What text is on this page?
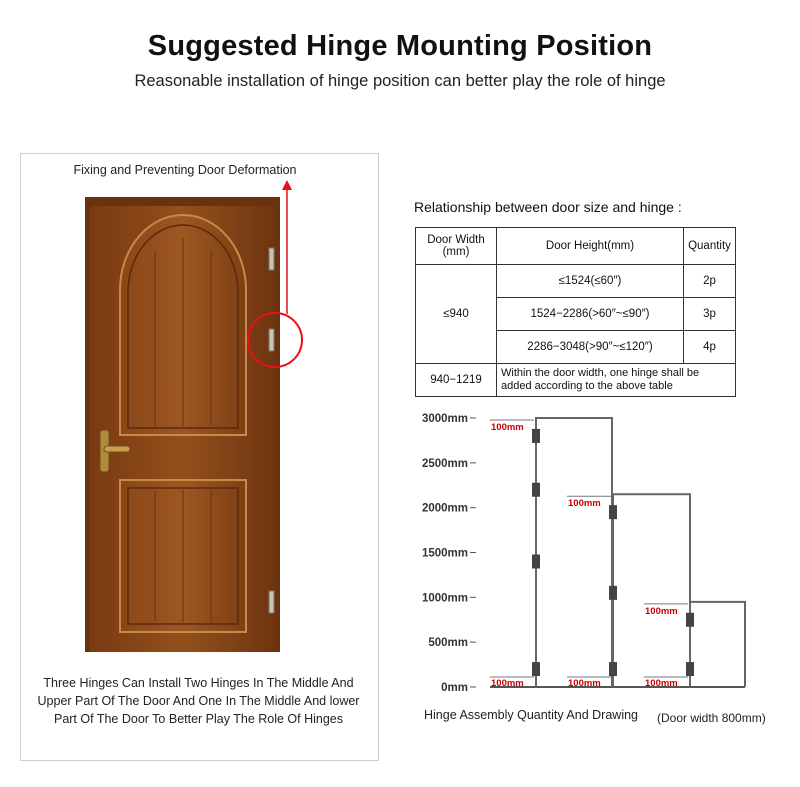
Suggested Hinge Mounting Position
Reasonable installation of hinge position can better play the role of hinge
Fixing and Preventing Door Deformation
Three Hinges Can Install Two Hinges In The Middle And Upper Part Of The Door And One In The Middle And lower Part Of The Door To Better Play The Role Of Hinges
Relationship between door size and hinge :
Door Width (mm)	Door Height(mm)	Quantity
≤940	≤1524(≤60″)	2p
	1524−2286(>60″~≤90″)	3p
	2286−3048(>90″~≤120″)	4p
940−1219	Within the door width, one hinge shall be added according to the above table	
3000mm
2500mm
2000mm
1500mm
1000mm
500mm
0mm
100mm
100mm
100mm
100mm
100mm
100mm
Hinge Assembly Quantity And Drawing (Door width 800mm)
